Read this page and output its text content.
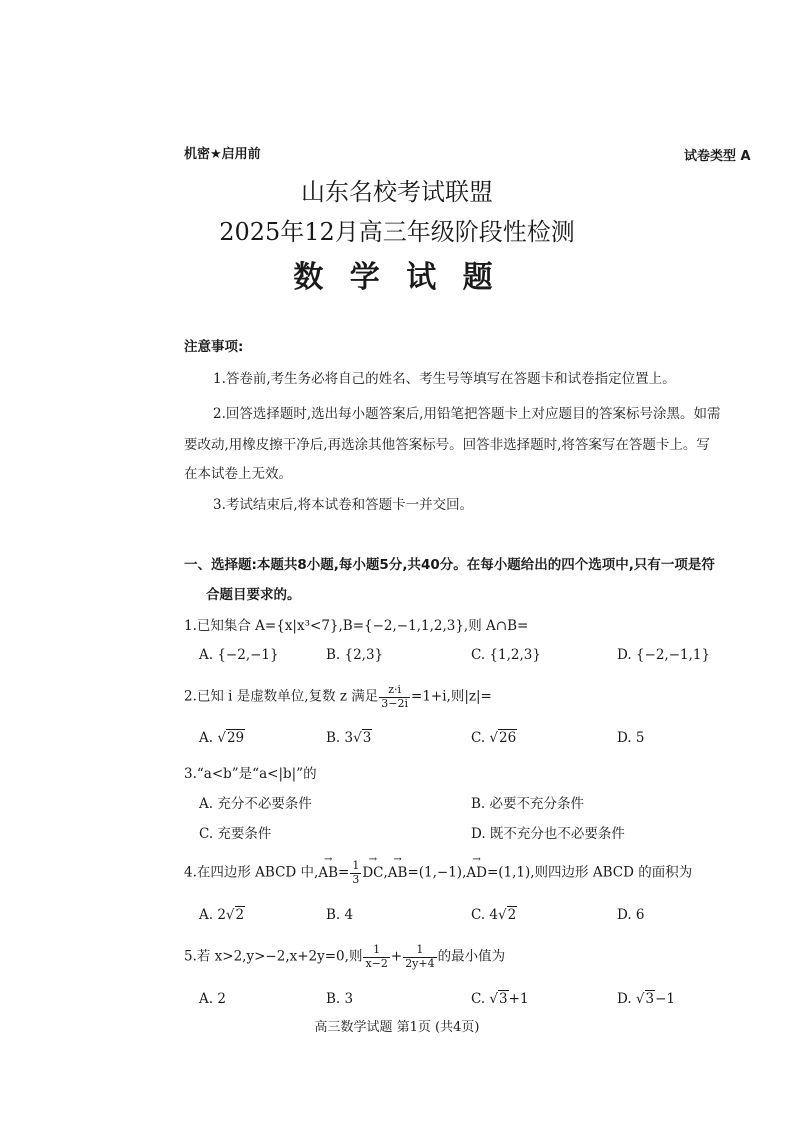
机密★启用前	试卷类型 A
山东名校考试联盟
2025年12月高三年级阶段性检测
数 学 试 题
注意事项:
1.答卷前,考生务必将自己的姓名、考生号等填写在答题卡和试卷指定位置上。
2.回答选择题时,选出每小题答案后,用铅笔把答题卡上对应题目的答案标号涂黑。如需
要改动,用橡皮擦干净后,再选涂其他答案标号。回答非选择题时,将答案写在答题卡上。写
在本试卷上无效。
3.考试结束后,将本试卷和答题卡一并交回。
一、选择题:本题共8小题,每小题5分,共40分。在每小题给出的四个选项中,只有一项是符
合题目要求的。
1.已知集合 A={x|x³<7},B={−2,−1,1,2,3},则 A∩B=
A. {−2,−1}	B. {2,3}	C. {1,2,3}	D. {−2,−1,1}
2.已知 i 是虚数单位,复数 z 满足 $\frac{z\cdot i}{3-2i} =1+i$,则|z|=
A. √29	B. 3√3	C. √26	D. 5
3.“a<b”是“a<|b|”的
A. 充分不必要条件	B. 必要不充分条件
C. 充要条件	D. 既不充分也不必要条件
4.在四边形 ABCD 中,→ $AB= \frac{1}{3}$
→ DC,→ AB=(1,−1),→ AD=(1,1),则四边形 ABCD 的面积为
A. 2√2	B. 4	C. 4√2	D. 6
5.若 x>2,y>−2,x+2y=0,则 $\frac{1}{x-2} + \frac{1}{2y+4}$ 的最小值为
A. 2	B. 3	C. √3+1	D. √3−1
高三数学试题 第1页 (共4页)
